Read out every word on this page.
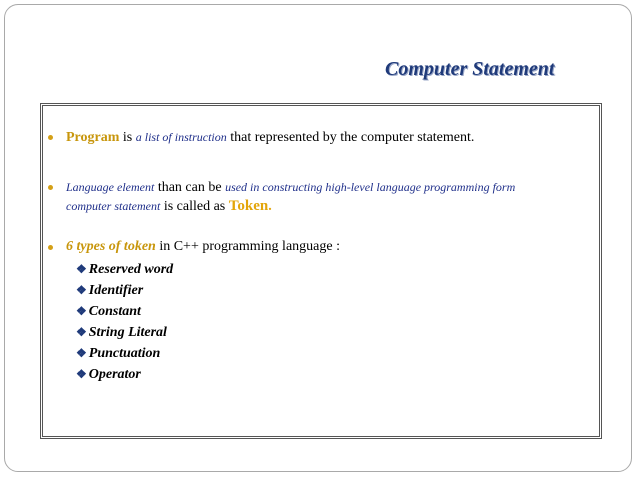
Computer Statement
Program is a list of instruction that represented by the computer statement.
Language element than can be used in constructing high-level language programming form
computer statement is called as Token.
6 types of token in C++ programming language :
❖ Reserved word
❖ Identifier
❖ Constant
❖ String Literal
❖ Punctuation
❖ Operator
